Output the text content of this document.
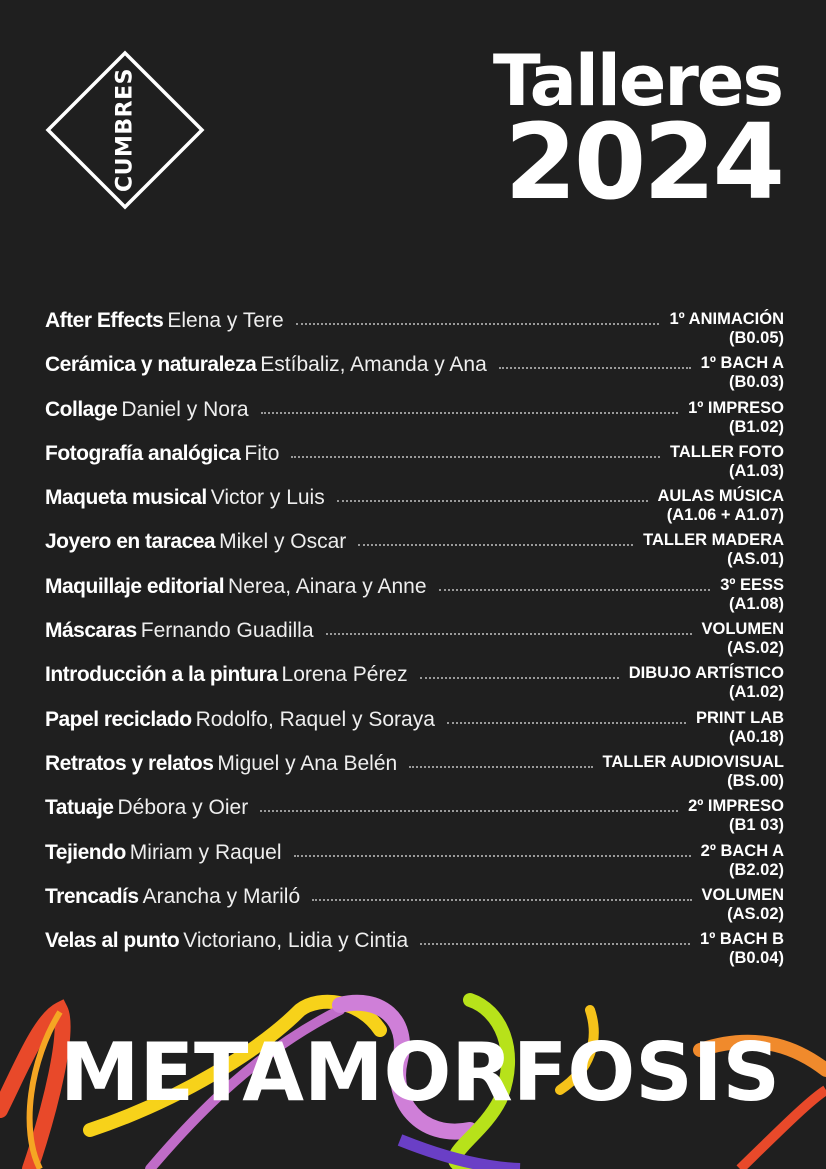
CUMBRES	Talleres
2024
After Effects Elena y Tere	1º ANIMACIÓN
(B0.05)
Cerámica y naturaleza Estíbaliz, Amanda y Ana	1º BACH A
(B0.03)
Collage Daniel y Nora	1º IMPRESO
(B1.02)
Fotografía analógica Fito	TALLER FOTO
(A1.03)
Maqueta musical Victor y Luis	AULAS MÚSICA
(A1.06 + A1.07)
Joyero en taracea Mikel y Oscar	TALLER MADERA
(AS.01)
Maquillaje editorial Nerea, Ainara y Anne	3º EESS
(A1.08)
Máscaras Fernando Guadilla	VOLUMEN
(AS.02)
Introducción a la pintura Lorena Pérez	DIBUJO ARTÍSTICO
(A1.02)
Papel reciclado Rodolfo, Raquel y Soraya	PRINT LAB
(A0.18)
Retratos y relatos Miguel y Ana Belén	TALLER AUDIOVISUAL
(BS.00)
Tatuaje Débora y Oier	2º IMPRESO
(B1 03)
Tejiendo Miriam y Raquel	2º BACH A
(B2.02)
Trencadís Arancha y Mariló	VOLUMEN
(AS.02)
Velas al punto Victoriano, Lidia y Cintia	1º BACH B
(B0.04)
METAMORFOSIS
